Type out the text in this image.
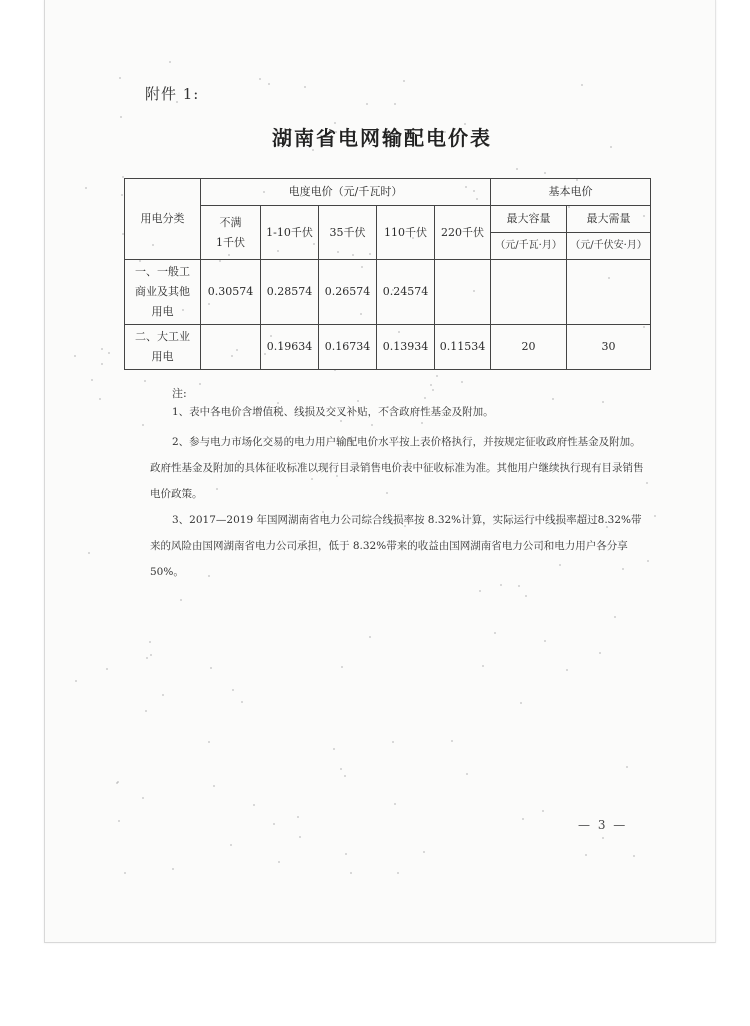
附件 1:
湖南省电网输配电价表
用电分类	电度电价（元/千瓦时）					基本电价	
	不满
1千伏	1-10千伏	35千伏	110千伏	220千伏	最大容量	最大需量
						（元/千瓦·月）	（元/千伏安·月）
一、一般工
商业及其他
用电	0.30574	0.28574	0.26574	0.24574			
二、大工业
用电		0.19634	0.16734	0.13934	0.11534	20	30
注:
1、表中各电价含增值税、线损及交叉补贴，不含政府性基金及附加。
2、参与电力市场化交易的电力用户输配电价水平按上表价格执行，并按规定征收政府性基金及附加。政府性基金及附加的具体征收标准以现行目录销售电价表中征收标准为准。其他用户继续执行现有目录销售电价政策。
3、2017—2019 年国网湖南省电力公司综合线损率按 8.32%计算，实际运行中线损率超过8.32%带来的风险由国网湖南省电力公司承担，低于 8.32%带来的收益由国网湖南省电力公司和电力用户各分享 50%。
— 3 —
